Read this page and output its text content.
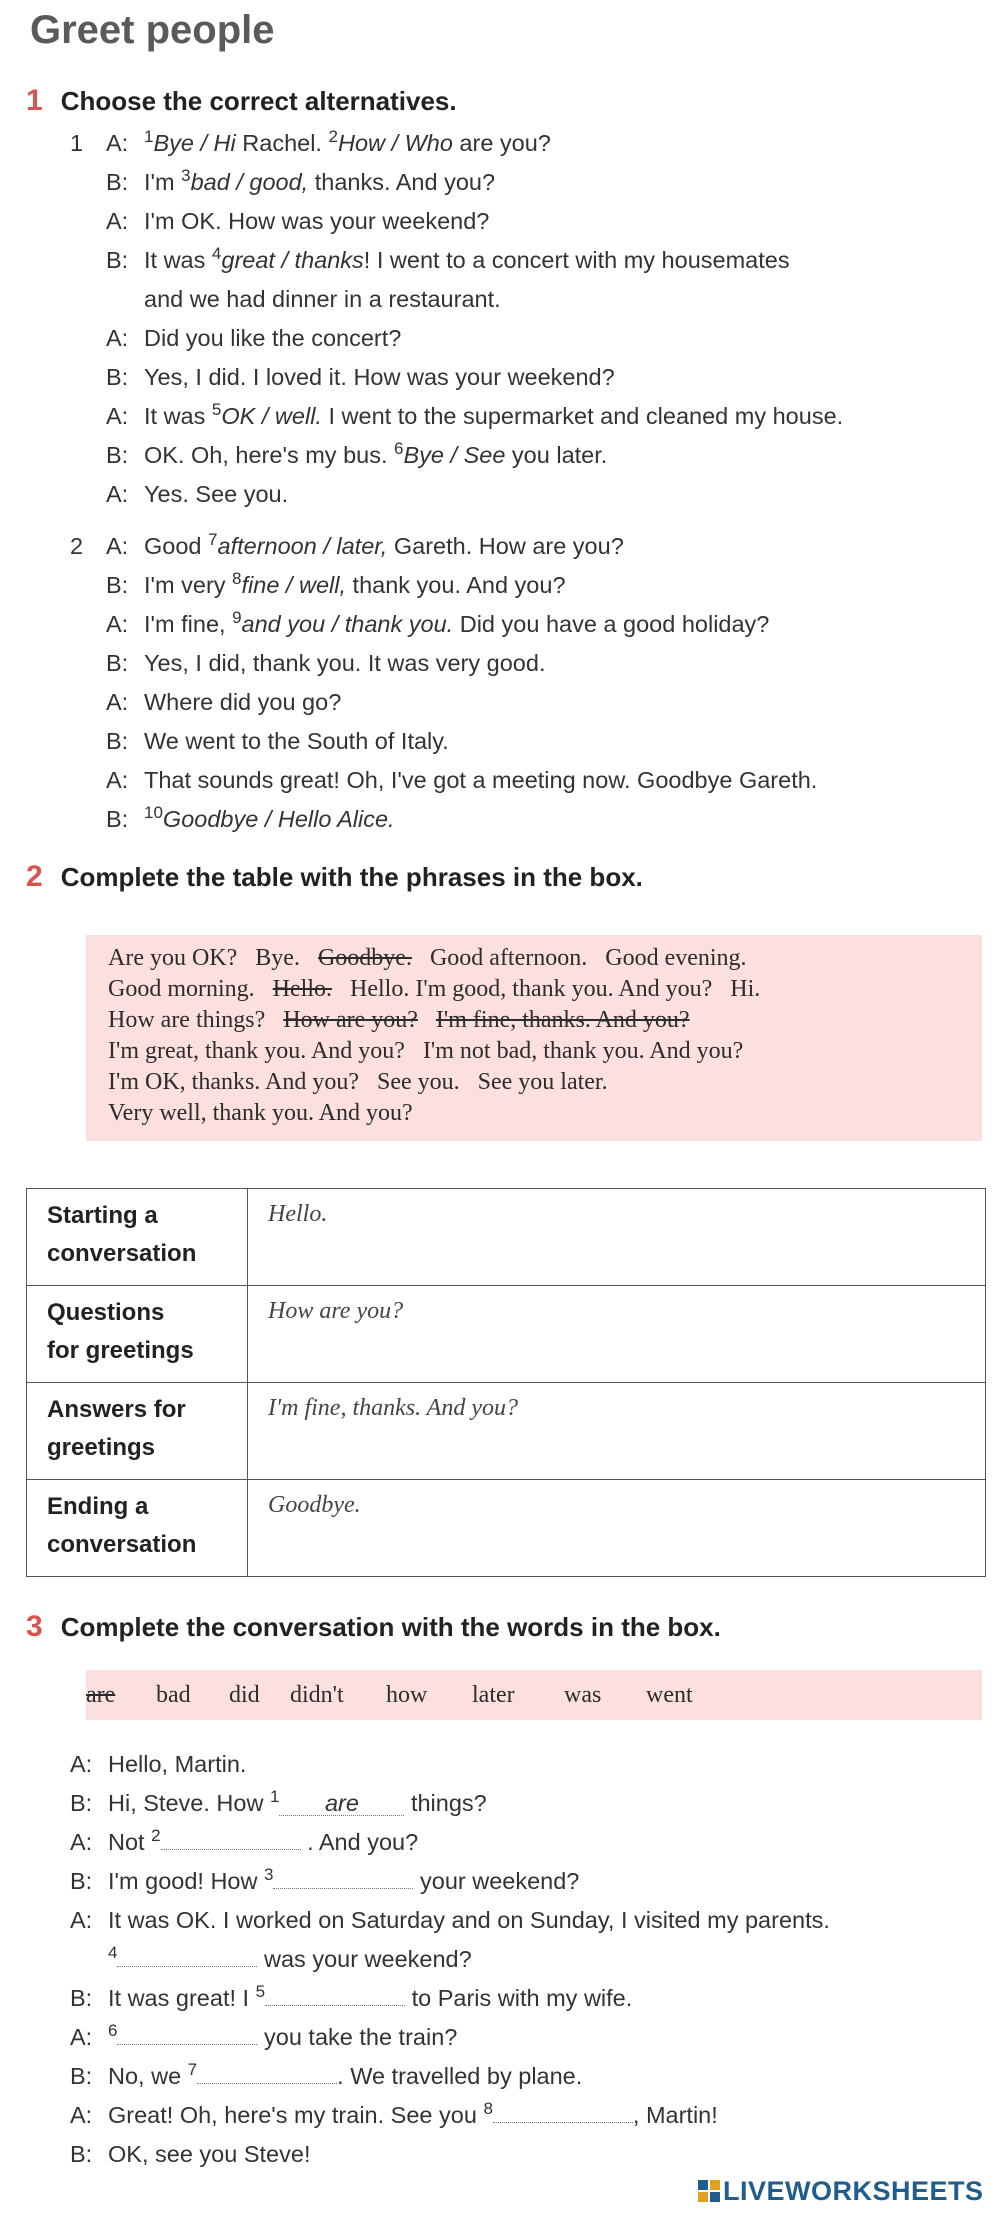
Greet people
1 Choose the correct alternatives.
1 A: $^1$Bye / Hi Rachel. $^2$How / Who are you?
B: I'm $^3$bad / good, thanks. And you?
A: I'm OK. How was your weekend?
B: It was $^4$great / thanks! I went to a concert with my housemates
and we had dinner in a restaurant.
A: Did you like the concert?
B: Yes, I did. I loved it. How was your weekend?
A: It was $^5$OK / well. I went to the supermarket and cleaned my house.
B: OK. Oh, here's my bus. $^6$Bye / See you later.
A: Yes. See you.
2 A: Good $^7$afternoon / later, Gareth. How are you?
B: I'm very $^8$fine / well, thank you. And you?
A: I'm fine, $^9$and you / thank you. Did you have a good holiday?
B: Yes, I did, thank you. It was very good.
A: Where did you go?
B: We went to the South of Italy.
A: That sounds great! Oh, I've got a meeting now. Goodbye Gareth.
B: $^{10}$Goodbye / Hello Alice.
2 Complete the table with the phrases in the box.
Are you OK? Bye. Goodbye. Good afternoon. Good evening.
Good morning. Hello. Hello. I'm good, thank you. And you? Hi.
How are things? How are you? I'm fine, thanks. And you?
I'm great, thank you. And you? I'm not bad, thank you. And you?
I'm OK, thanks. And you? See you. See you later.
Very well, thank you. And you?
Starting a
conversation	Hello.
Questions
for greetings	How are you?
Answers for
greetings	I'm fine, thanks. And you?
Ending a
conversation	Goodbye.
3 Complete the conversation with the words in the box.
are bad did didn't how later was went
A: Hello, Martin.
B: Hi, Steve. How $^1$ are things?
A: Not $^2$	. And you?
B: I'm good! How $^3$	your weekend?
A: It was OK. I worked on Saturday and on Sunday, I visited my parents.
$^4$	was your weekend?
B: It was great! I $^5$	to Paris with my wife.
A: $^6$	you take the train?
B: No, we $^7$	. We travelled by plane.
A: Great! Oh, here's my train. See you $^8$	, Martin!
B: OK, see you Steve!
LIVEWORKSHEETS
